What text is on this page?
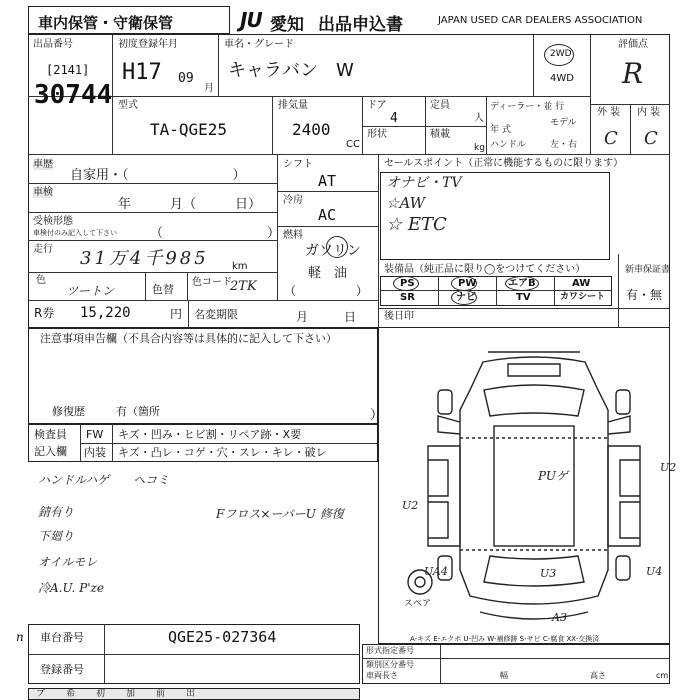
車内保管・守衛保管	JU 愛知 出品申込書	JAPAN USED CAR DEALERS ASSOCIATION
出品番号
[2141]
30744
初度登録年月
H17 09
月
車名・グレード
キャラバン　W
2WD
4WD
評価点
R
外 装 内 装
C C
型式
TA-QGE25
排気量
2400
CC
ドア
4
形状
定員
人
積載
kg
ディーラー・並 行
モデル
年 式
ハンドル	左・右
車歴
自家用・（　　　　　　　　）
車検
年　　　月（　　　日）
受検形態
車検付のみ記入して下さい	（　　　　　　　　）
走行 31万4千985 km
色
ツートン	色替
色コード
2TK
シフト
AT
冷房
AC
燃料
ガソリン
軽　油
（　　　　　）
セールスポイント（正常に機能するものに限ります）
オナビ・TV
☆AW
☆ ETC
装備品（純正品に限り◯をつけてください）
PS	PW	エアB	AW
SR	ナビ	TV	カワシート
新車保証書
有・無
R券 15,220	円 名変期限	月　　　日	後日印
注意事項申告欄（不具合内容等は具体的に記入して下さい）
修復歴	有（箇所	）
検査員
記入欄
FW キズ・凹み・ヒビ割・リペア跡・X要
内装 キズ・凸レ・コゲ・穴・スレ・キレ・破レ
ハンドルハゲ　　ヘコミ
錆有り
下廻り
オイルモレ
冷A.U. P'ze
Fフロス×ーバーU 修復
PUゲ
U2
U2
UA4	U3	U4
A3
スペア
A-キズ E-エクボ U-凹み W-補修跡 S-サビ C-腐食 XX-交換済
車台番号	QGE25-027364
登録番号
n
形式指定番号
類別区分番号
車両長さ	幅	高さ	cm
ブ 希 初 加 前 出
